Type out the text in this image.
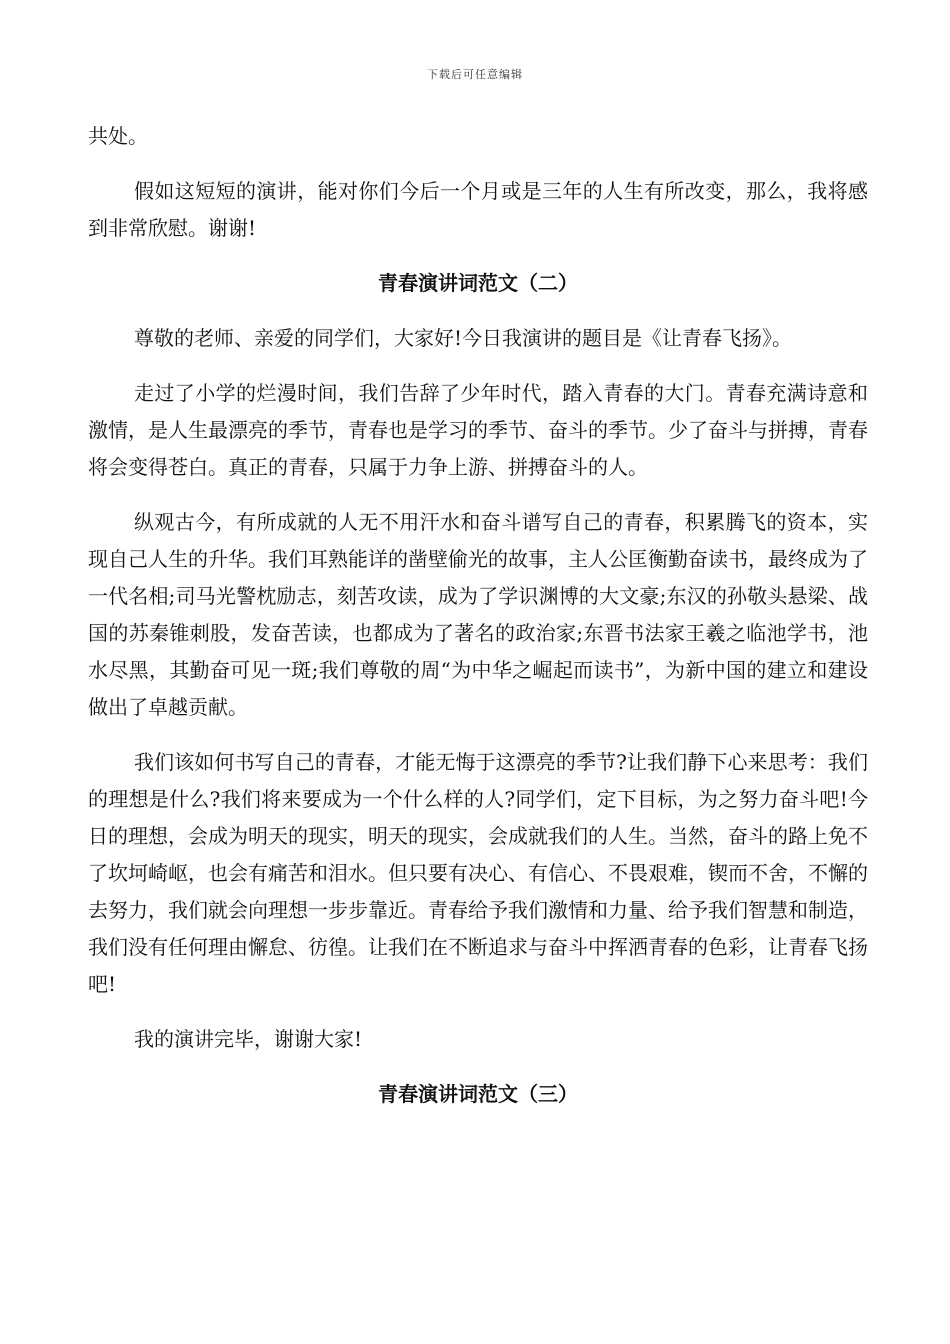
下载后可任意编辑

共处。

假如这短短的演讲，能对你们今后一个月或是三年的人生有所改变，那么，我将感到非常欣慰。谢谢!

青春演讲词范文（二）

尊敬的老师、亲爱的同学们，大家好!今日我演讲的题目是《让青春飞扬》。

走过了小学的烂漫时间，我们告辞了少年时代，踏入青春的大门。青春充满诗意和激情，是人生最漂亮的季节，青春也是学习的季节、奋斗的季节。少了奋斗与拼搏，青春将会变得苍白。真正的青春，只属于力争上游、拼搏奋斗的人。

纵观古今，有所成就的人无不用汗水和奋斗谱写自己的青春，积累腾飞的资本，实现自己人生的升华。我们耳熟能详的凿壁偷光的故事，主人公匡衡勤奋读书，最终成为了一代名相;司马光警枕励志，刻苦攻读，成为了学识渊博的大文豪;东汉的孙敬头悬梁、战国的苏秦锥刺股，发奋苦读，也都成为了著名的政治家;东晋书法家王羲之临池学书，池水尽黑，其勤奋可见一斑;我们尊敬的周“为中华之崛起而读书”，为新中国的建立和建设做出了卓越贡献。

我们该如何书写自己的青春，才能无悔于这漂亮的季节?让我们静下心来思考：我们的理想是什么?我们将来要成为一个什么样的人?同学们，定下目标，为之努力奋斗吧!今日的理想，会成为明天的现实，明天的现实，会成就我们的人生。当然，奋斗的路上免不了坎坷崎岖，也会有痛苦和泪水。但只要有决心、有信心、不畏艰难，锲而不舍，不懈的去努力，我们就会向理想一步步靠近。青春给予我们激情和力量、给予我们智慧和制造，我们没有任何理由懈怠、彷徨。让我们在不断追求与奋斗中挥洒青春的色彩，让青春飞扬吧!

我的演讲完毕，谢谢大家!

青春演讲词范文（三）
